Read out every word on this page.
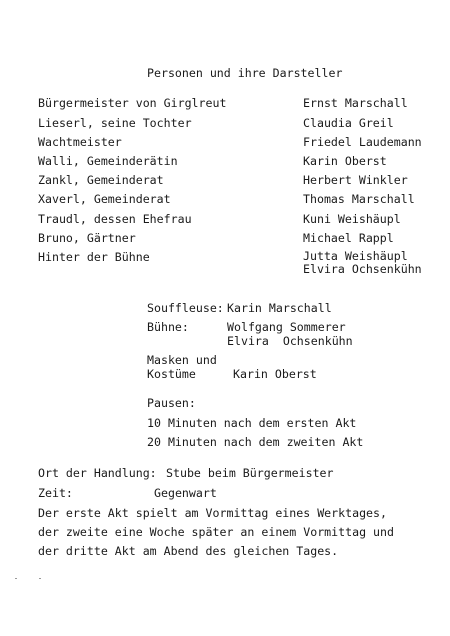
Personen und ihre Darsteller
Bürgermeister von Girglreut	Ernst Marschall
Lieserl, seine Tochter	Claudia Greil
Wachtmeister	Friedel Laudemann
Walli, Gemeinderätin	Karin Oberst
Zankl, Gemeinderat	Herbert Winkler
Xaverl, Gemeinderat	Thomas Marschall
Traudl, dessen Ehefrau	Kuni Weishäupl
Bruno, Gärtner	Michael Rappl
Hinter der Bühne	Jutta Weishäupl
Elvira Ochsenkühn
Souffleuse: Karin Marschall
Bühne:	Wolfgang Sommerer
Elvira  Ochsenkühn
Masken und
Kostüme	Karin Oberst
Pausen:
10 Minuten nach dem ersten Akt
20 Minuten nach dem zweiten Akt
Ort der Handlung: Stube beim Bürgermeister
Zeit:	Gegenwart
Der erste Akt spielt am Vormittag eines Werktages,
der zweite eine Woche später an einem Vormittag und
der dritte Akt am Abend des gleichen Tages.
